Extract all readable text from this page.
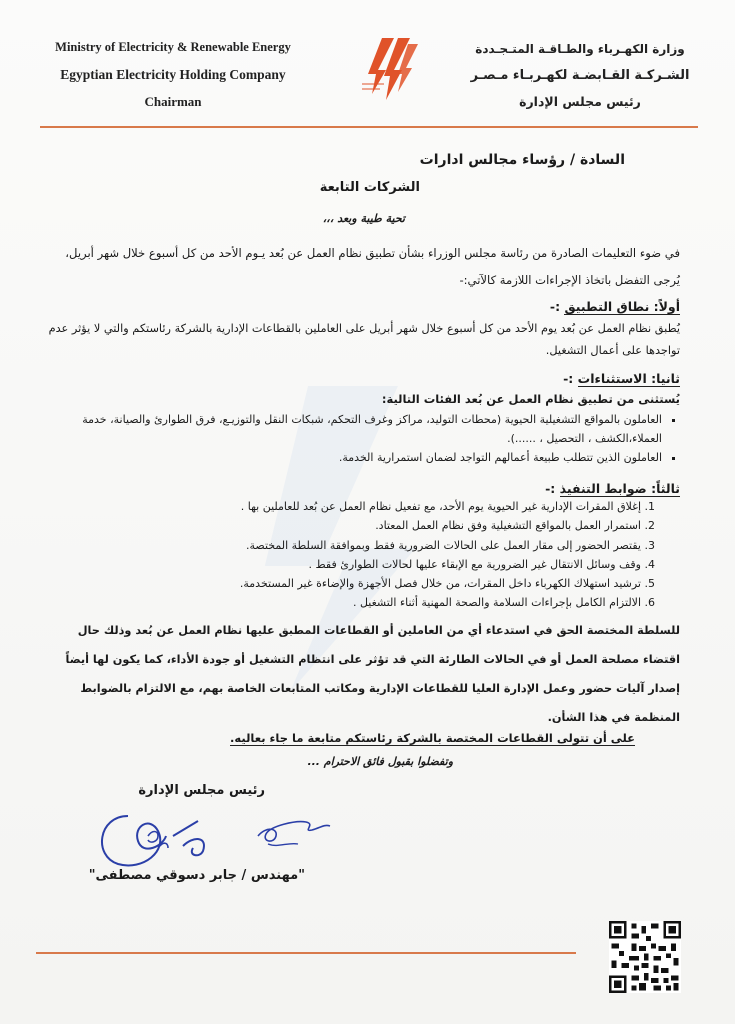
Ministry of Electricity & Renewable Energy
Egyptian Electricity Holding Company
Chairman
وزارة الكهـرباء والطـاقـة المتـجـددة
الشـركـة القـابضـة لكهـربـاء مـصـر
رئيس مجلس الإدارة
السادة / رؤساء مجالس ادارات
الشركات التابعة
تحية طيبة وبعد ،،،
في ضوء التعليمات الصادرة من رئاسة مجلس الوزراء بشأن تطبيق نظام العمل عن بُعد يـوم الأحد من كل أسبوع خلال شهر أبريل، يُرجى التفضل باتخاذ الإجراءات اللازمة كالآتي:-
أولاً: نطاق التطبيق :-
يُطبق نظام العمل عن بُعد يوم الأحد من كل أسبوع خلال شهر أبريل على العاملين بالقطاعات الإدارية بالشركة رئاستكم والتي لا يؤثر عدم تواجدها على أعمال التشغيل.
ثانيا: الاستثناءات :-
يُستثنى من تطبيق نظام العمل عن بُعد الفئات التالية:
▪ العاملون بالمواقع التشغيلية الحيوية (محطات التوليد، مراكز وغرف التحكم، شبكات النقل والتوزيـع، فرق الطوارئ والصيانة، خدمة العملاء،الكشف ، التحصيل ، ......).
▪ العاملون الذين تتطلب طبيعة أعمالهم التواجد لضمان استمرارية الخدمة.
ثالثاً: ضوابط التنفيذ :-
1. إغلاق المقرات الإدارية غير الحيوية يوم الأحد، مع تفعيل نظام العمل عن بُعد للعاملين بها .
2. استمرار العمل بالمواقع التشغيلية وفق نظام العمل المعتاد.
3. يقتصر الحضور إلى مقار العمل على الحالات الضرورية فقط وبموافقة السلطة المختصة.
4. وقف وسائل الانتقال غير الضرورية مع الإبقاء عليها لحالات الطوارئ فقط .
5. ترشيد استهلاك الكهرباء داخل المقرات، من خلال فصل الأجهزة والإضاءة غير المستخدمة.
6. الالتزام الكامل بإجراءات السلامة والصحة المهنية أثناء التشغيل .
للسلطة المختصة الحق في استدعاء أي من العاملين أو القطاعات المطبق عليها نظام العمل عن بُعد وذلك حال اقتضاء مصلحة العمل أو في الحالات الطارئة التي قد تؤثر على انتظام التشغيل أو جودة الأداء، كما يكون لها أيضاً إصدار آليات حضور وعمل الإدارة العليا للقطاعات الإدارية ومكاتب المتابعات الخاصة بهم، مع الالتزام بالضوابط المنظمة في هذا الشأن.
على أن تتولى القطاعات المختصة بالشركة رئاستكم متابعة ما جاء بعاليه.
وتفضلوا بقبول فائق الاحترام ...
رئيس مجلس الإدارة
"مهندس / جابر دسوقي مصطفى"
